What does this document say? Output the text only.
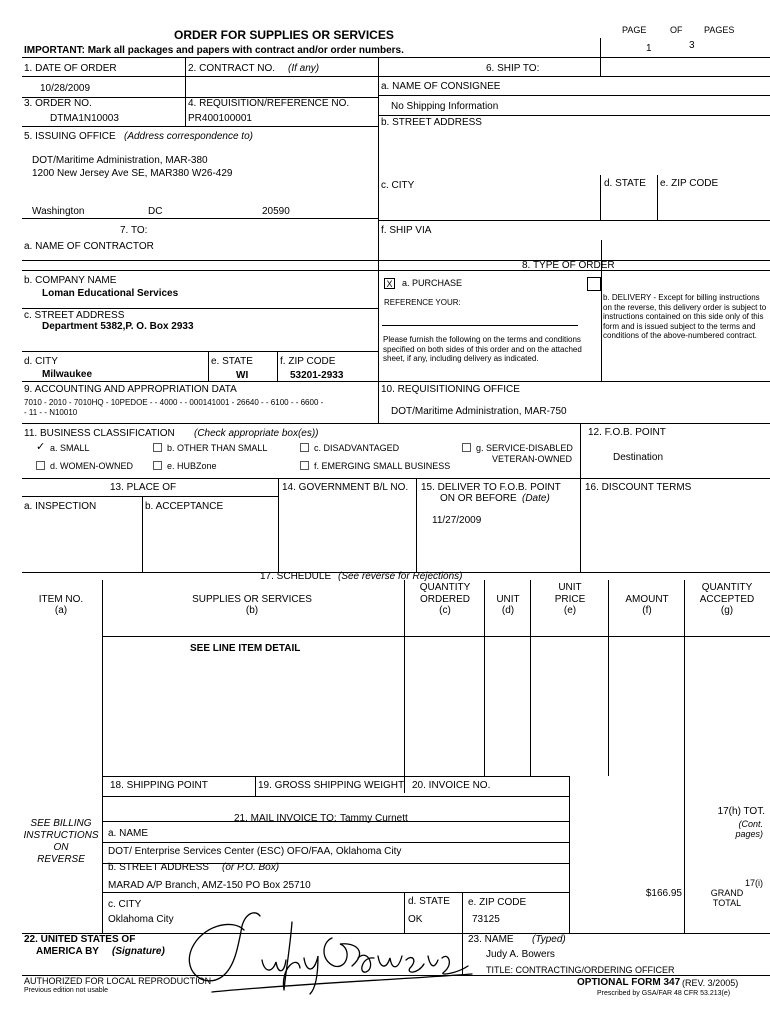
ORDER FOR SUPPLIES OR SERVICES
IMPORTANT: Mark all packages and papers with contract and/or order numbers.
PAGE	OF PAGES
1	3
1. DATE OF ORDER
10/28/2009
2. CONTRACT NO. (If any)
3. ORDER NO.
DTMA1N10003
4. REQUISITION/REFERENCE NO.
PR400100001
5. ISSUING OFFICE (Address correspondence to)
DOT/Maritime Administration, MAR-380
1200 New Jersey Ave SE, MAR380 W26-429
Washington	DC	20590
6. SHIP TO:
a. NAME OF CONSIGNEE
No Shipping Information
b. STREET ADDRESS
c. CITY	d. STATE e. ZIP CODE
f. SHIP VIA
7. TO:
a. NAME OF CONTRACTOR
b. COMPANY NAME
Loman Educational Services
c. STREET ADDRESS
Department 5382,P. O. Box 2933
d. CITY
Milwaukee
e. STATE
WI
f. ZIP CODE
53201-2933
8. TYPE OF ORDER
X a. PURCHASE
REFERENCE YOUR:
Please furnish the following on the terms and conditions specified on both sides of this order and on the attached sheet, if any, including delivery as indicated.
b. DELIVERY - Except for billing instructions on the reverse, this delivery order is subject to instructions contained on this side only of this form and is issued subject to the terms and conditions of the above-numbered contract.
9. ACCOUNTING AND APPROPRIATION DATA
7010 - 2010 - 7010HQ - 10PEDOE - - 4000 - - 000141001 - 26640 - - 6100 - - 6600 -
- 11 - - N10010
10. REQUISITIONING OFFICE
DOT/Maritime Administration, MAR-750
11. BUSINESS CLASSIFICATION (Check appropriate box(es))
✓ a. SMALL	b. OTHER THAN SMALL	c. DISADVANTAGED	g. SERVICE-DISABLED
VETERAN-OWNED
d. WOMEN-OWNED	e. HUBZone	f. EMERGING SMALL BUSINESS
12. F.O.B. POINT
Destination
13. PLACE OF
a. INSPECTION	b. ACCEPTANCE
14. GOVERNMENT B/L NO. 15. DELIVER TO F.O.B. POINT
ON OR BEFORE (Date)
11/27/2009
16. DISCOUNT TERMS
17. SCHEDULE (See reverse for Rejections)
ITEM NO.
(a)
SUPPLIES OR SERVICES
(b)
QUANTITY
ORDERED
(c)
UNIT
(d)
UNIT
PRICE
(e)
AMOUNT
(f)
QUANTITY
ACCEPTED
(g)
SEE LINE ITEM DETAIL
18. SHIPPING POINT	19. GROSS SHIPPING WEIGHT 20. INVOICE NO.
SEE BILLING
INSTRUCTIONS
ON
REVERSE
21. MAIL INVOICE TO: Tammy Curnett
a. NAME
DOT/ Enterprise Services Center (ESC) OFO/FAA, Oklahoma City
b. STREET ADDRESS (or P.O. Box)
MARAD A/P Branch, AMZ-150 PO Box 25710
c. CITY
Oklahoma City
d. STATE
OK
e. ZIP CODE
73125
17(h) TOT.
(Cont.
pages)
17(i)
GRAND
TOTAL
$166.95
22. UNITED STATES OF
AMERICA BY (Signature)
23. NAME (Typed)
Judy A. Bowers
TITLE: CONTRACTING/ORDERING OFFICER
AUTHORIZED FOR LOCAL REPRODUCTION
Previous edition not usable
OPTIONAL FORM 347 (REV. 3/2005)
Prescribed by GSA/FAR 48 CFR 53.213(e)
